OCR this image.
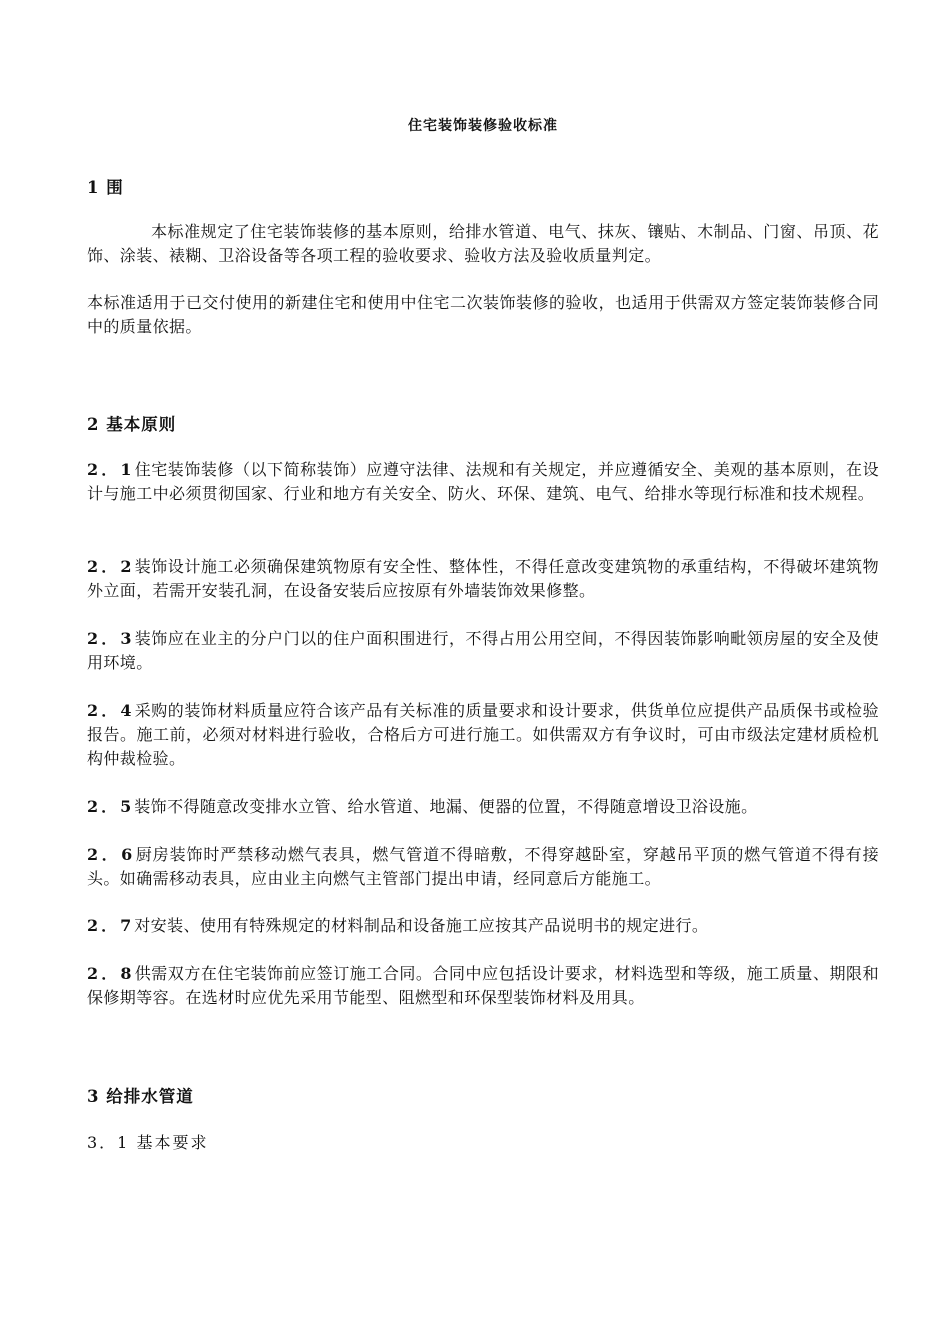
住宅装饰装修验收标准
1 围

本标准规定了住宅装饰装修的基本原则，给排水管道、电气、抹灰、镶贴、木制品、门窗、吊顶、花饰、涂装、裱糊、卫浴设备等各项工程的验收要求、验收方法及验收质量判定。

本标准适用于已交付使用的新建住宅和使用中住宅二次装饰装修的验收，也适用于供需双方签定装饰装修合同中的质量依据。

2 基本原则

2．1住宅装饰装修（以下简称装饰）应遵守法律、法规和有关规定，并应遵循安全、美观的基本原则，在设计与施工中必须贯彻国家、行业和地方有关安全、防火、环保、建筑、电气、给排水等现行标准和技术规程。

2．2装饰设计施工必须确保建筑物原有安全性、整体性，不得任意改变建筑物的承重结构，不得破坏建筑物外立面，若需开安装孔洞，在设备安装后应按原有外墙装饰效果修整。

2．3装饰应在业主的分户门以的住户面积围进行，不得占用公用空间，不得因装饰影响毗领房屋的安全及使用环境。

2．4采购的装饰材料质量应符合该产品有关标准的质量要求和设计要求，供货单位应提供产品质保书或检验报告。施工前，必须对材料进行验收，合格后方可进行施工。如供需双方有争议时，可由市级法定建材质检机构仲裁检验。

2．5装饰不得随意改变排水立管、给水管道、地漏、便器的位置，不得随意增设卫浴设施。

2．6厨房装饰时严禁移动燃气表具，燃气管道不得暗敷，不得穿越卧室，穿越吊平顶的燃气管道不得有接头。如确需移动表具，应由业主向燃气主管部门提出申请，经同意后方能施工。

2．7对安装、使用有特殊规定的材料制品和设备施工应按其产品说明书的规定进行。

2．8供需双方在住宅装饰前应签订施工合同。合同中应包括设计要求，材料选型和等级，施工质量、期限和保修期等容。在选材时应优先采用节能型、阻燃型和环保型装饰材料及用具。

3 给排水管道
3．1 基本要求
